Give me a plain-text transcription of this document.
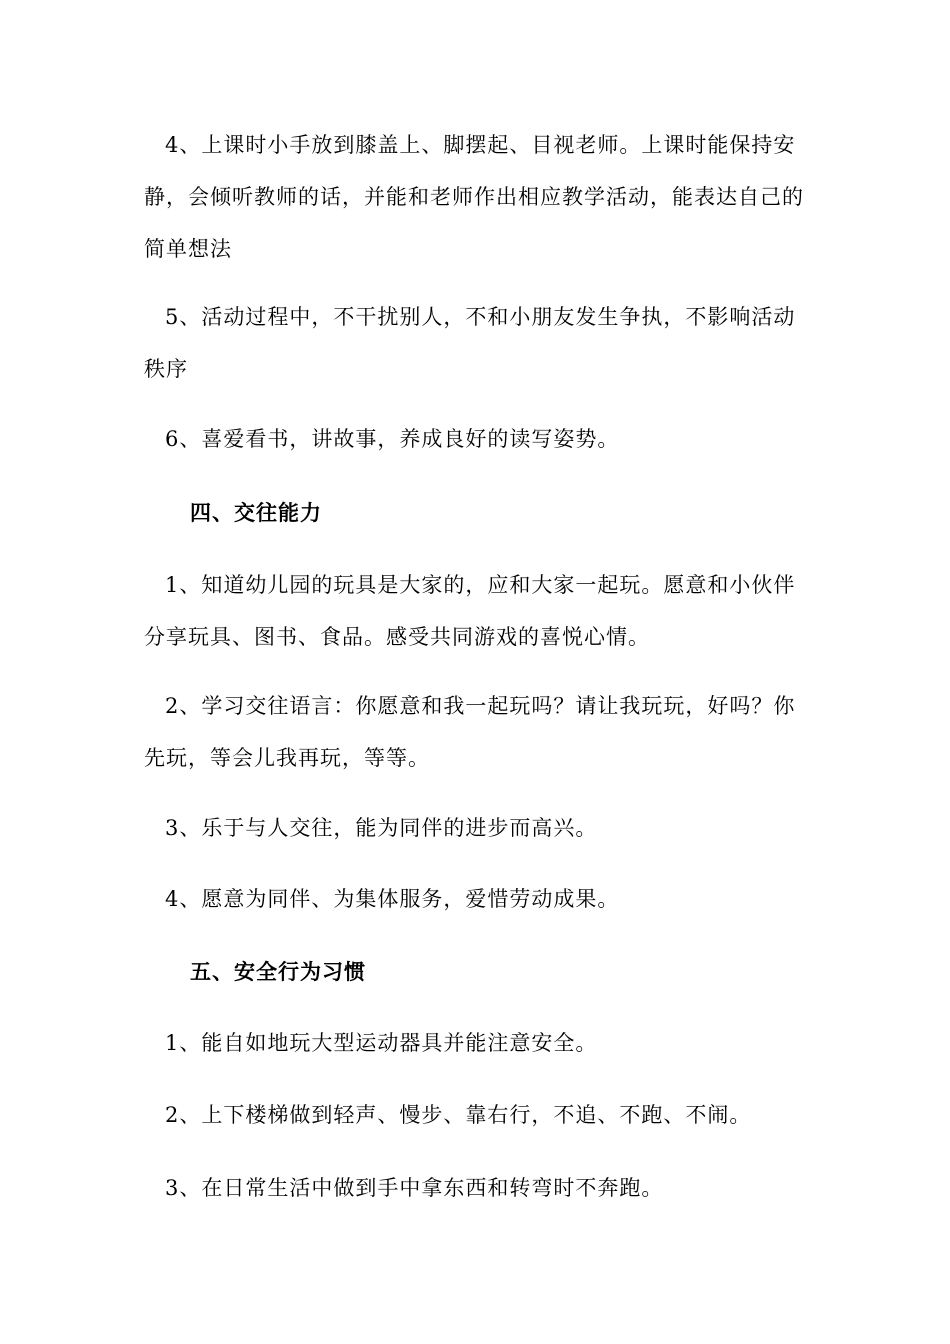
4、上课时小手放到膝盖上、脚摆起、目视老师。上课时能保持安静，会倾听教师的话，并能和老师作出相应教学活动，能表达自己的简单想法

5、活动过程中，不干扰别人，不和小朋友发生争执，不影响活动秩序

6、喜爱看书，讲故事，养成良好的读写姿势。

四、交往能力

1、知道幼儿园的玩具是大家的，应和大家一起玩。愿意和小伙伴分享玩具、图书、食品。感受共同游戏的喜悦心情。

2、学习交往语言：你愿意和我一起玩吗？请让我玩玩，好吗？你先玩，等会儿我再玩，等等。

3、乐于与人交往，能为同伴的进步而高兴。

4、愿意为同伴、为集体服务，爱惜劳动成果。

五、安全行为习惯

1、能自如地玩大型运动器具并能注意安全。

2、上下楼梯做到轻声、慢步、靠右行，不追、不跑、不闹。

3、在日常生活中做到手中拿东西和转弯时不奔跑。
